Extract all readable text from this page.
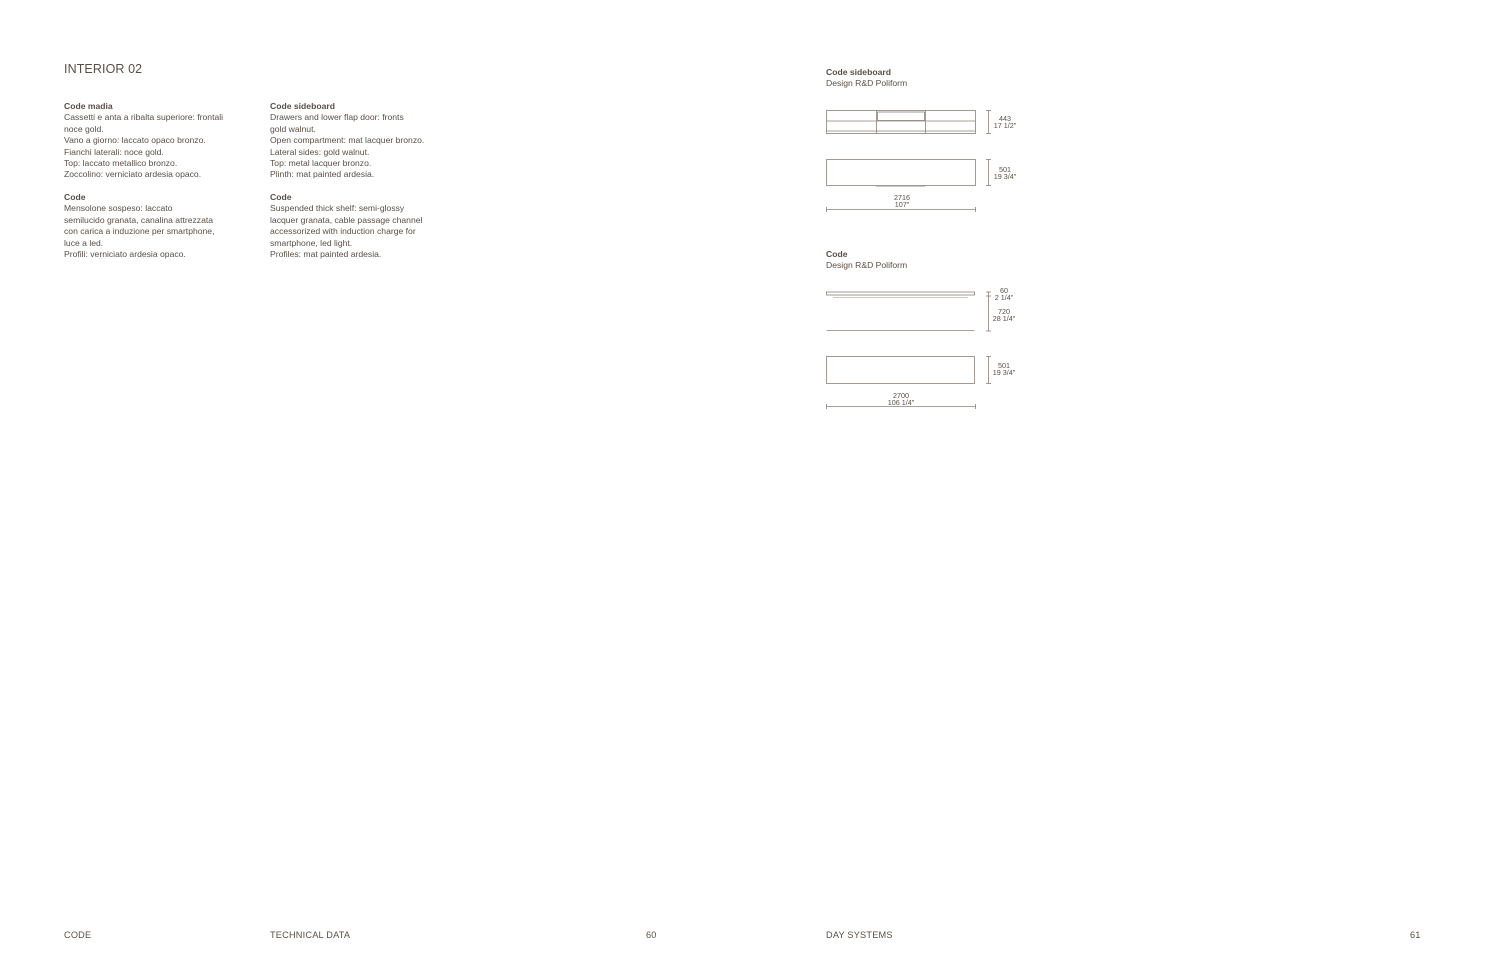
INTERIOR 02
Code madia
Cassetti e anta a ribalta superiore: frontali
noce gold.
Vano a giorno: laccato opaco bronzo.
Fianchi laterali: noce gold.
Top: laccato metallico bronzo.
Zoccolino: verniciato ardesia opaco.
Code
Mensolone sospeso: laccato
semilucido granata, canalina attrezzata
con carica a induzione per smartphone,
luce a led.
Profili: verniciato ardesia opaco.
Code sideboard
Drawers and lower flap door: fronts
gold walnut.
Open compartment: mat lacquer bronzo.
Lateral sides: gold walnut.
Top: metal lacquer bronzo.
Plinth: mat painted ardesia.
Code
Suspended thick shelf: semi-glossy
lacquer granata, cable passage channel
accessorized with induction charge for
smartphone, led light.
Profiles: mat painted ardesia.
Code sideboard
Design R&D Poliform
Code
Design R&D Poliform
443
17 1/2"
501
19 3/4"
2716
107"
60
2 1/4"
720
28 1/4"
501
19 3/4"
2700
106 1/4"
CODE	TECHNICAL DATA	60	DAY SYSTEMS	61
